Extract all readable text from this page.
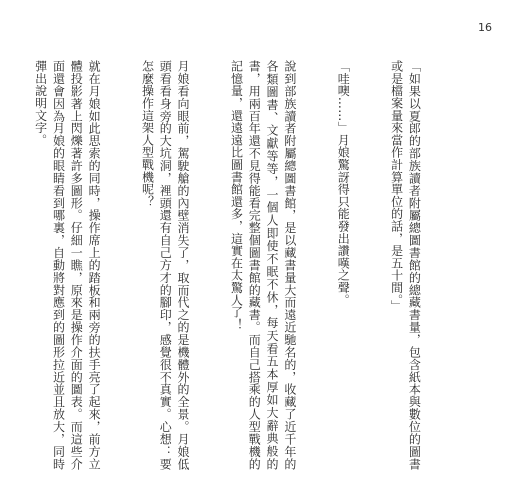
16

「如果以夏郎的部族讀者附屬總圖書館的總藏書量，包含紙本與數位的圖書或是檔案量來當作計算單位的話，是五十間。」

「哇噢……」月娘驚訝得只能發出讚嘆之聲。

說到部族讀者附屬總圖書館，是以藏書量大而遠近馳名的，收藏了近千年的各類圖書、文獻等等，一個人即使不眠不休，每天看五本厚如大辭典般的書，用兩百年還不見得能看完整個圖書館的藏書。而自己搭乘的人型戰機的記憶量，還遠遠比圖書館還多，這實在太驚人了！

月娘看向眼前，駕駛艙的內壁消失了，取而代之的是機體外的全景。月娘低頭看看身旁的大坑洞，裡頭還有自己方才的腳印，感覺很不真實。心想：要怎麼操作這架人型戰機呢？

就在月娘如此思索的同時，操作席上的踏板和兩旁的扶手亮了起來，前方立體投影著上閃爍著許多圖形。仔細一瞧，原來是操作介面的圖表。而這些介面還會因為月娘的眼睛看到哪裏，自動將對應到的圖形拉近並且放大，同時彈出說明文字。
